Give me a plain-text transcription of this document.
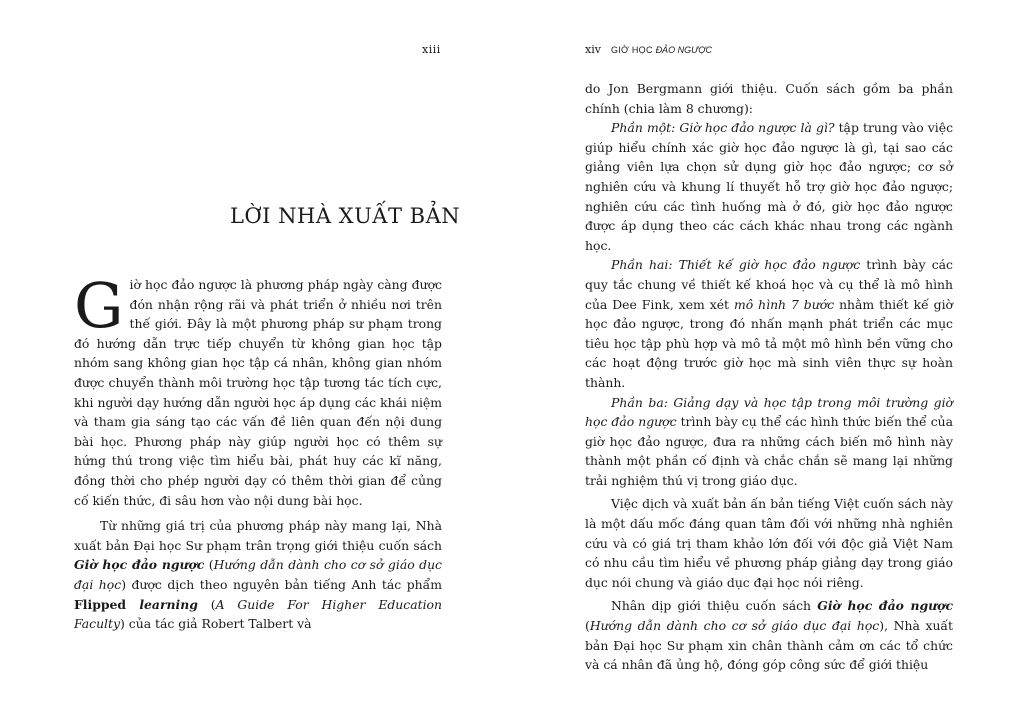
xiii
LỜI NHÀ XUẤT BẢN

Giờ học đảo ngược là phương pháp ngày càng được đón nhận rộng rãi và phát triển ở nhiều nơi trên thế giới. Đây là một phương pháp sư phạm trong đó hướng dẫn trực tiếp chuyển từ không gian học tập nhóm sang không gian học tập cá nhân, không gian nhóm được chuyển thành môi trường học tập tương tác tích cực, khi người dạy hướng dẫn người học áp dụng các khái niệm và tham gia sáng tạo các vấn đề liên quan đến nội dung bài học. Phương pháp này giúp người học có thêm sự hứng thú trong việc tìm hiểu bài, phát huy các kĩ năng, đồng thời cho phép người dạy có thêm thời gian để củng cố kiến thức, đi sâu hơn vào nội dung bài học.

Từ những giá trị của phương pháp này mang lại, Nhà xuất bản Đại học Sư phạm trân trọng giới thiệu cuốn sách Giờ học đảo ngược (Hướng dẫn dành cho cơ sở giáo dục đại học) được dịch theo nguyên bản tiếng Anh tác phẩm Flipped learning (A Guide For Higher Education Faculty) của tác giả Robert Talbert và

xiv GIỜ HỌC ĐẢO NGƯỢC

do Jon Bergmann giới thiệu. Cuốn sách gồm ba phần chính (chia làm 8 chương):

Phần một: Giờ học đảo ngược là gì? tập trung vào việc giúp hiểu chính xác giờ học đảo ngược là gì, tại sao các giảng viên lựa chọn sử dụng giờ học đảo ngược; cơ sở nghiên cứu và khung lí thuyết hỗ trợ giờ học đảo ngược; nghiên cứu các tình huống mà ở đó, giờ học đảo ngược được áp dụng theo các cách khác nhau trong các ngành học.

Phần hai: Thiết kế giờ học đảo ngược trình bày các quy tắc chung về thiết kế khoá học và cụ thể là mô hình của Dee Fink, xem xét mô hình 7 bước nhằm thiết kế giờ học đảo ngược, trong đó nhấn mạnh phát triển các mục tiêu học tập phù hợp và mô tả một mô hình bền vững cho các hoạt động trước giờ học mà sinh viên thực sự hoàn thành.

Phần ba: Giảng dạy và học tập trong môi trường giờ học đảo ngược trình bày cụ thể các hình thức biến thể của giờ học đảo ngược, đưa ra những cách biến mô hình này thành một phần cố định và chắc chắn sẽ mang lại những trải nghiệm thú vị trong giáo dục.

Việc dịch và xuất bản ấn bản tiếng Việt cuốn sách này là một dấu mốc đáng quan tâm đối với những nhà nghiên cứu và có giá trị tham khảo lớn đối với độc giả Việt Nam có nhu cầu tìm hiểu về phương pháp giảng dạy trong giáo dục nói chung và giáo dục đại học nói riêng.

Nhân dịp giới thiệu cuốn sách Giờ học đảo ngược (Hướng dẫn dành cho cơ sở giáo dục đại học), Nhà xuất bản Đại học Sư phạm xin chân thành cảm ơn các tổ chức và cá nhân đã ủng hộ, đóng góp công sức để giới thiệu
